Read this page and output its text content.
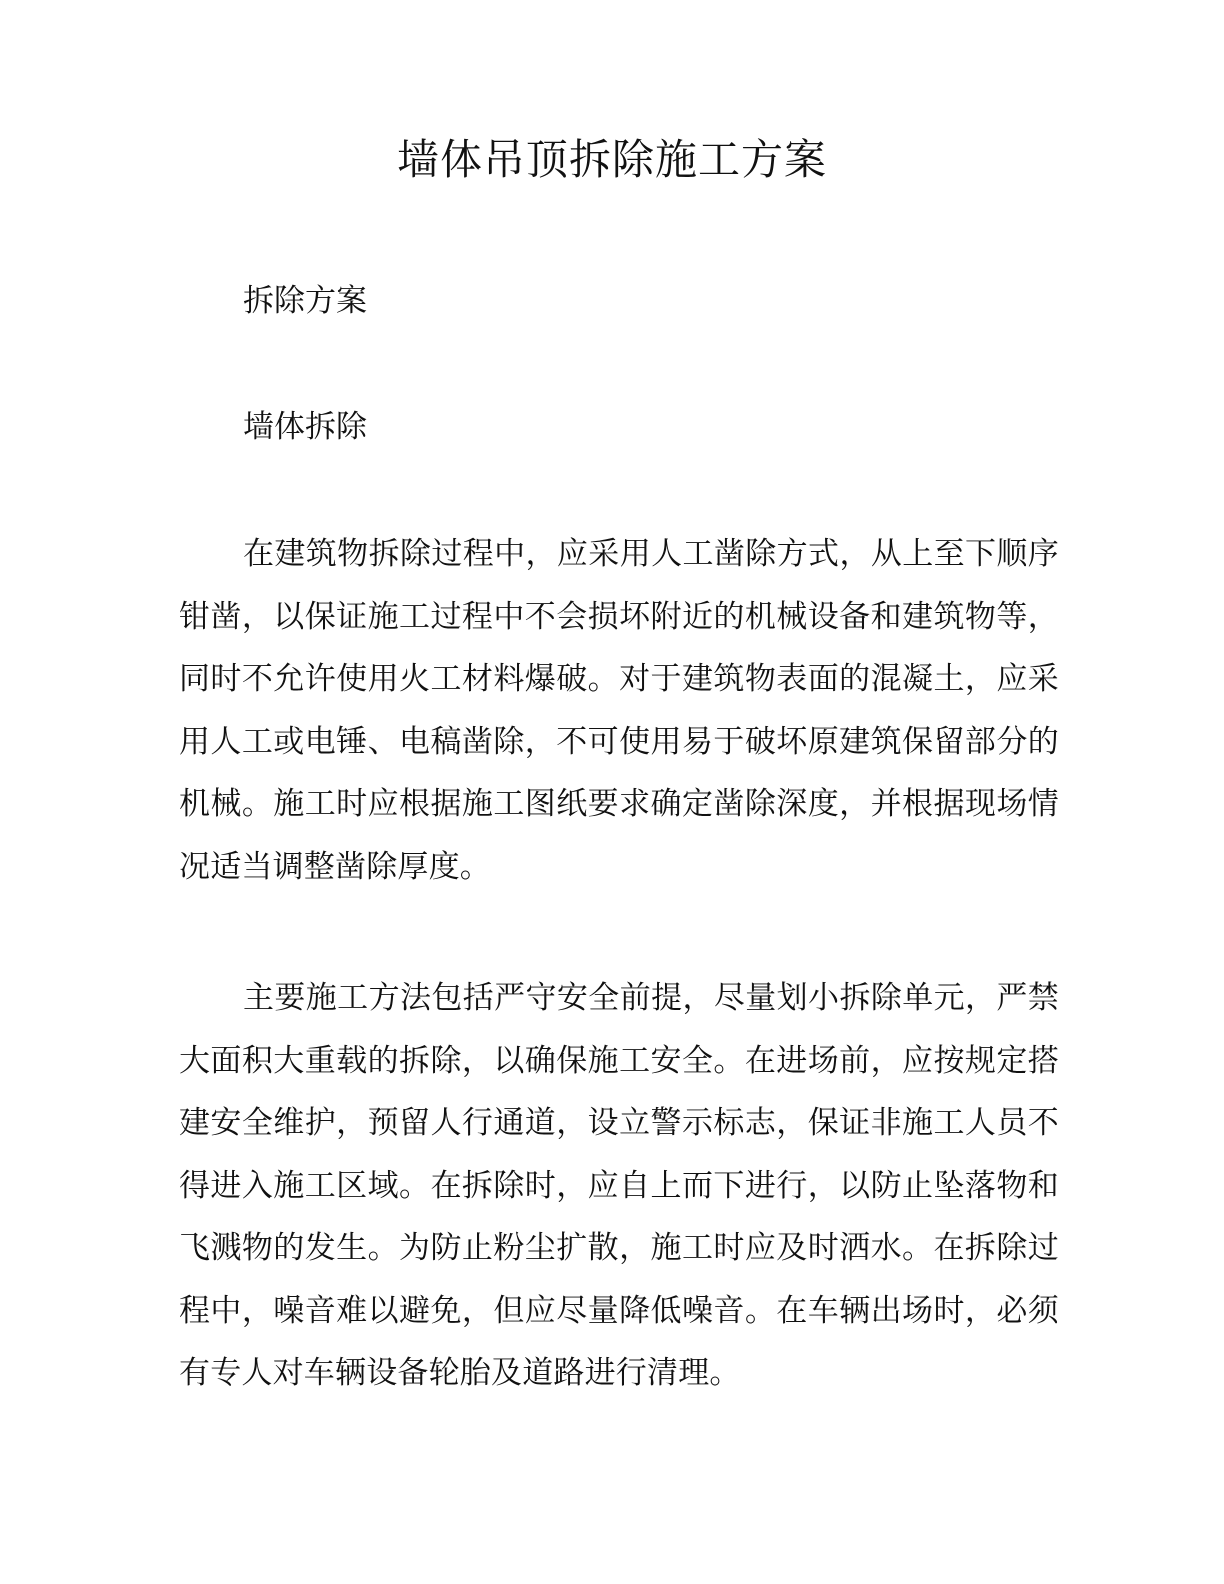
墙体吊顶拆除施工方案
拆除方案
墙体拆除

在建筑物拆除过程中，应采用人工凿除方式，从上至下顺序钳凿，以保证施工过程中不会损坏附近的机械设备和建筑物等，同时不允许使用火工材料爆破。对于建筑物表面的混凝土，应采用人工或电锤、电稿凿除，不可使用易于破坏原建筑保留部分的机械。施工时应根据施工图纸要求确定凿除深度，并根据现场情况适当调整凿除厚度。

主要施工方法包括严守安全前提，尽量划小拆除单元，严禁大面积大重载的拆除，以确保施工安全。在进场前，应按规定搭建安全维护，预留人行通道，设立警示标志，保证非施工人员不得进入施工区域。在拆除时，应自上而下进行，以防止坠落物和飞溅物的发生。为防止粉尘扩散，施工时应及时洒水。在拆除过程中，噪音难以避免，但应尽量降低噪音。在车辆出场时，必须有专人对车辆设备轮胎及道路进行清理。
